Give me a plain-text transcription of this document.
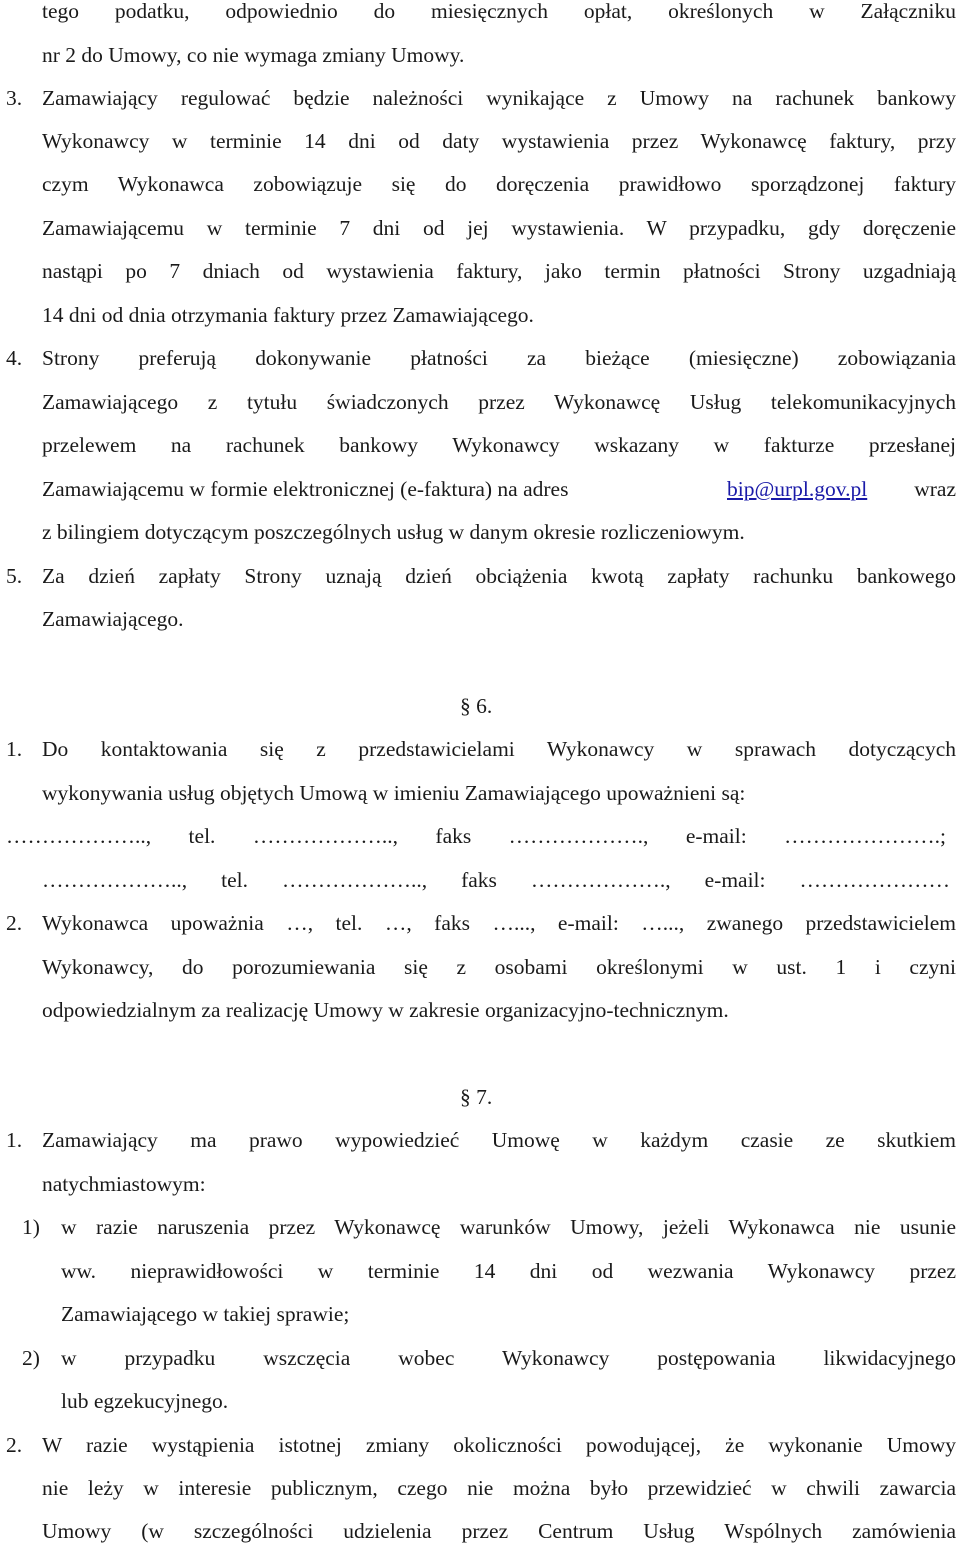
tego podatku, odpowiednio do miesięcznych opłat, określonych w Załączniku
nr 2 do Umowy, co nie wymaga zmiany Umowy.
3. Zamawiający regulować będzie należności wynikające z Umowy na rachunek bankowy
Wykonawcy w terminie 14 dni od daty wystawienia przez Wykonawcę faktury, przy
czym Wykonawca zobowiązuje się do doręczenia prawidłowo sporządzonej faktury
Zamawiającemu w terminie 7 dni od jej wystawienia. W przypadku, gdy doręczenie
nastąpi po 7 dniach od wystawienia faktury, jako termin płatności Strony uzgadniają
14 dni od dnia otrzymania faktury przez Zamawiającego.
4. Strony preferują dokonywanie płatności za bieżące (miesięczne) zobowiązania
Zamawiającego z tytułu świadczonych przez Wykonawcę Usług telekomunikacyjnych
przelewem na rachunek bankowy Wykonawcy wskazany w fakturze przesłanej
Zamawiającemu w formie elektronicznej (e-faktura) na adres	bip@urpl.gov.pl wraz
z bilingiem dotyczącym poszczególnych usług w danym okresie rozliczeniowym.
5. Za dzień zapłaty Strony uznają dzień obciążenia kwotą zapłaty rachunku bankowego
Zamawiającego.
§ 6.
1. Do kontaktowania się z przedstawicielami Wykonawcy w sprawach dotyczących
wykonywania usług objętych Umową w imieniu Zamawiającego upoważnieni są:
……………….., tel. ……………….., faks ………………., e-mail: ………………….;
……………….., tel. ……………….., faks ………………., e-mail: …………………
2. Wykonawca upoważnia …, tel. …, faks …..., e-mail: …..., zwanego przedstawicielem
Wykonawcy, do porozumiewania się z osobami określonymi w ust. 1 i czyni
odpowiedzialnym za realizację Umowy w zakresie organizacyjno-technicznym.
§ 7.
1. Zamawiający ma prawo wypowiedzieć Umowę w każdym czasie ze skutkiem
natychmiastowym:
1) w razie naruszenia przez Wykonawcę warunków Umowy, jeżeli Wykonawca nie usunie
ww. nieprawidłowości w terminie 14 dni od wezwania Wykonawcy przez
Zamawiającego w takiej sprawie;
2) w przypadku wszczęcia wobec Wykonawcy postępowania likwidacyjnego
lub egzekucyjnego.
2. W razie wystąpienia istotnej zmiany okoliczności powodującej, że wykonanie Umowy
nie leży w interesie publicznym, czego nie można było przewidzieć w chwili zawarcia
Umowy (w szczególności udzielenia przez Centrum Usług Wspólnych zamówienia
